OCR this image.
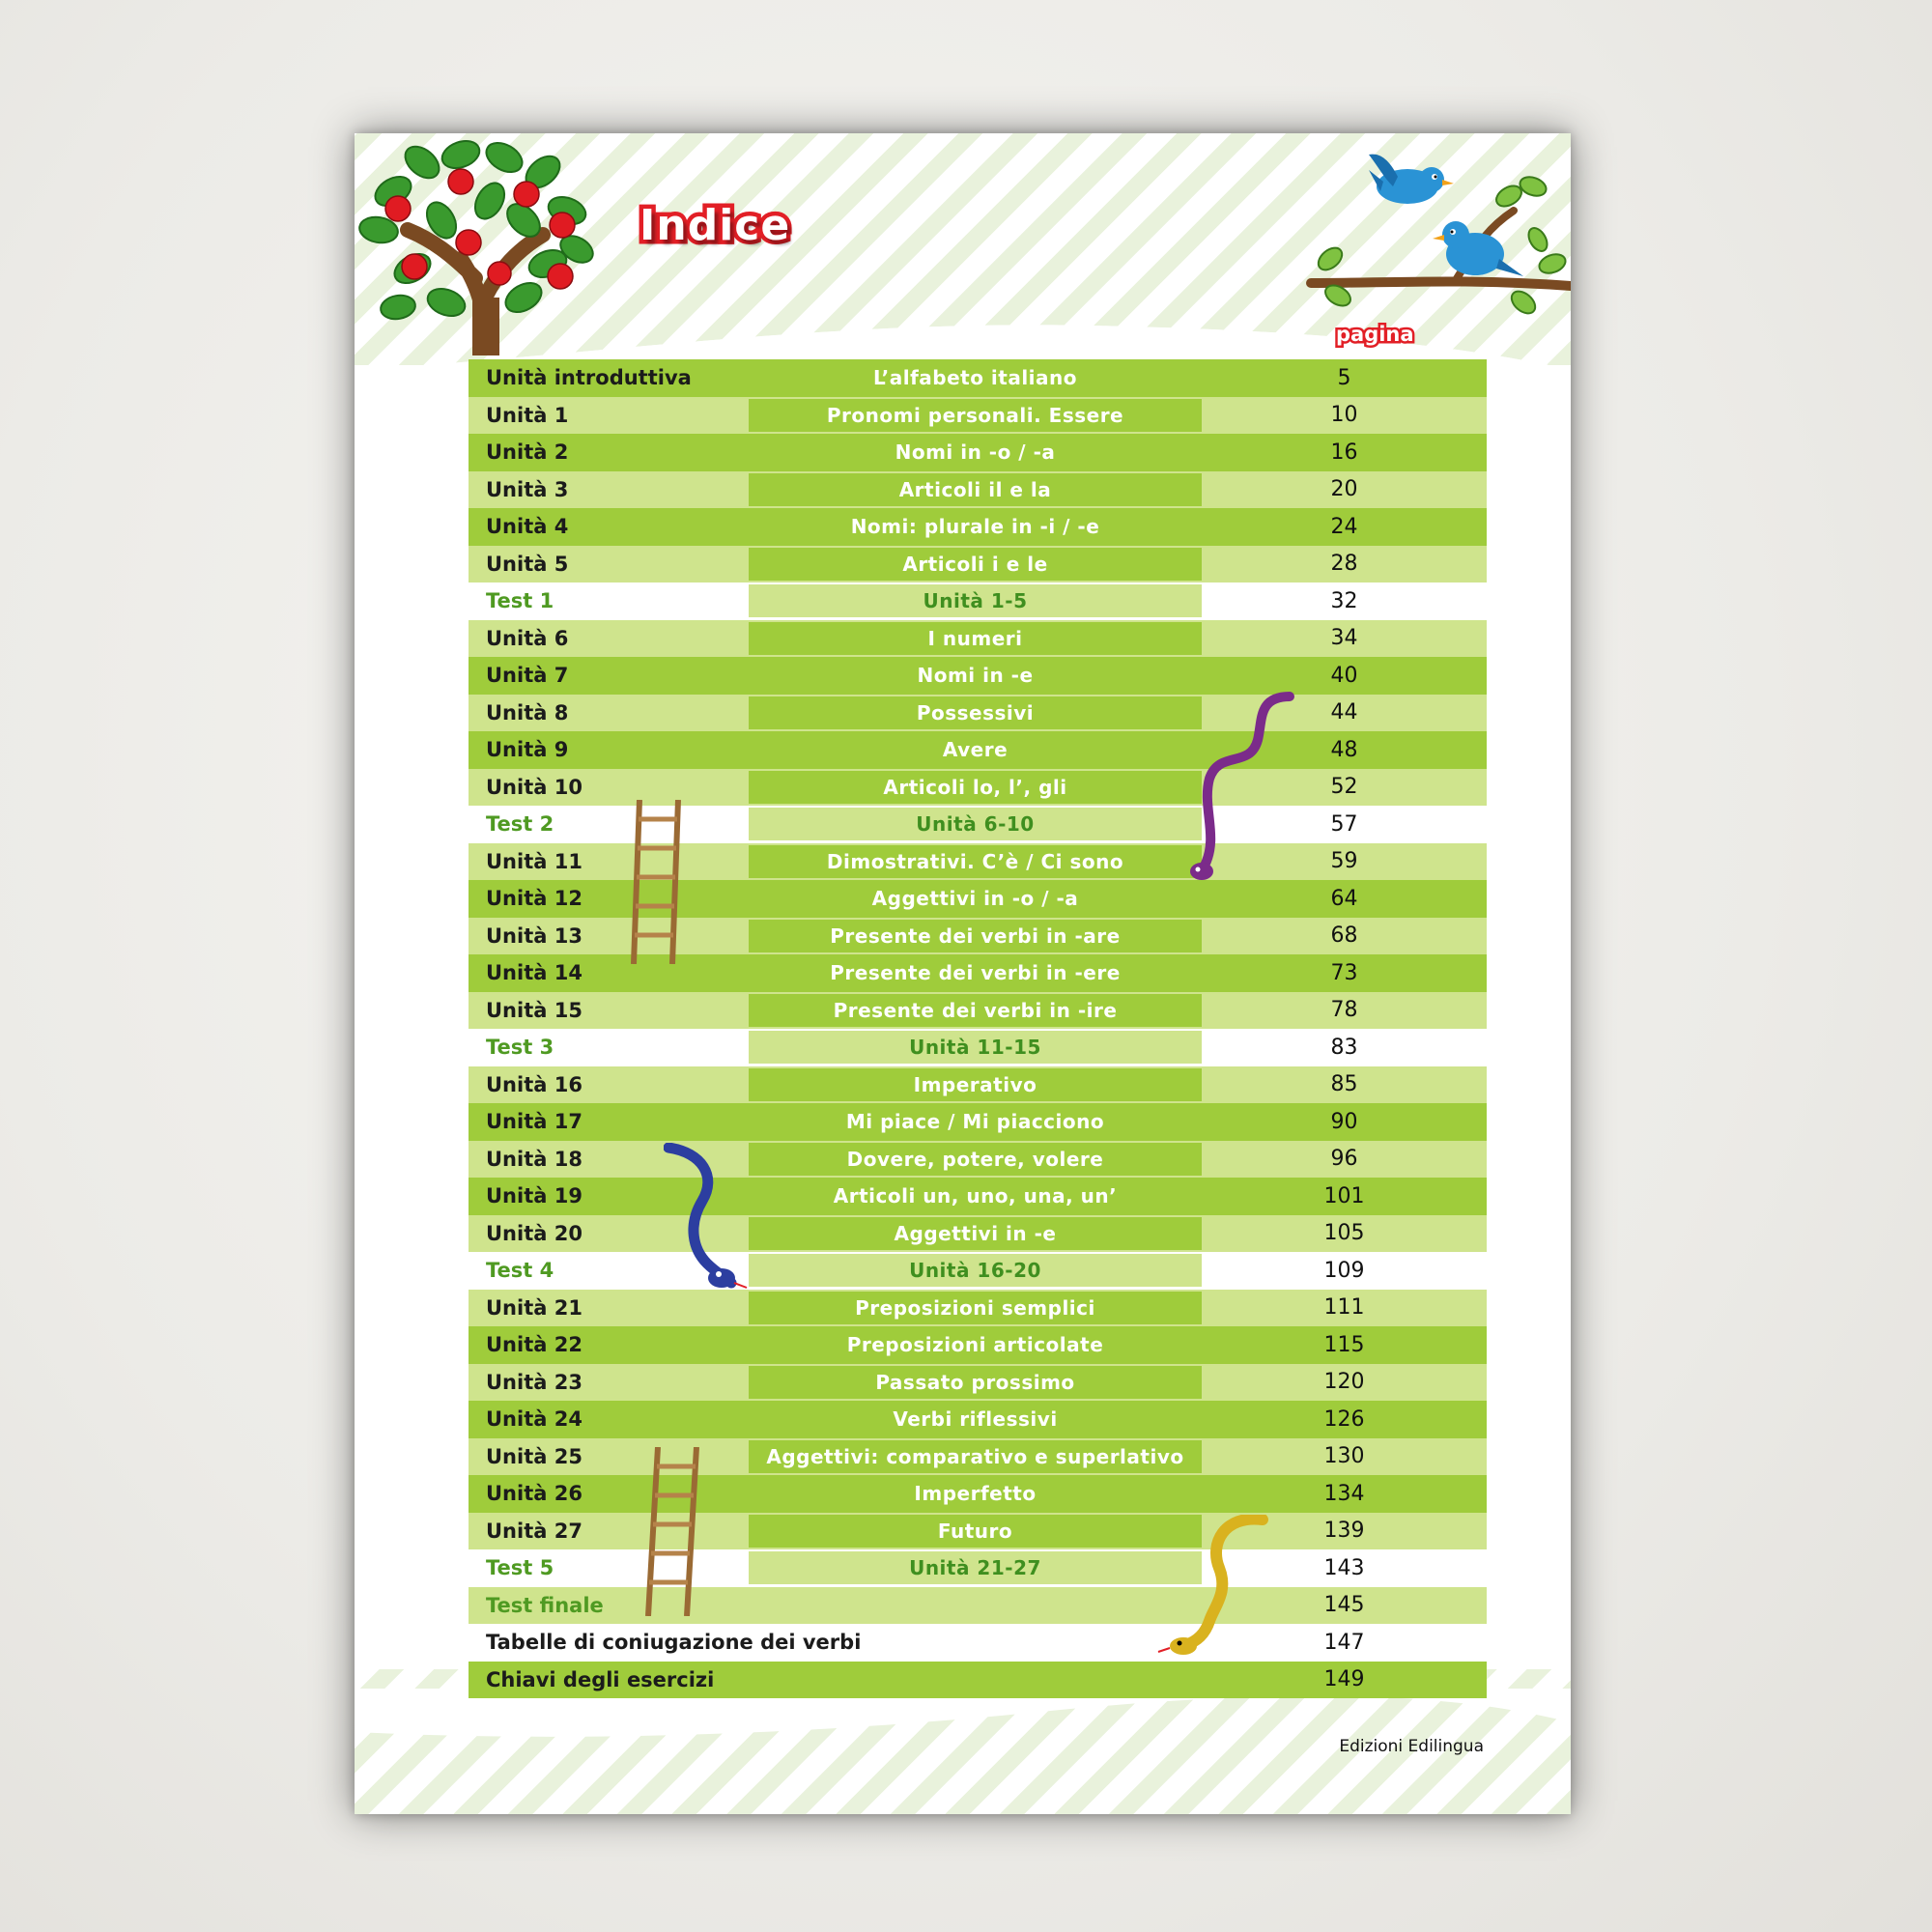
Indice
pagina
Unità introduttiva	L’alfabeto italiano	5
Unità 1	Pronomi personali. Essere	10
Unità 2	Nomi in -o / -a	16
Unità 3	Articoli il e la	20
Unità 4	Nomi: plurale in -i / -e	24
Unità 5	Articoli i e le	28
Test 1	Unità 1-5	32
Unità 6	I numeri	34
Unità 7	Nomi in -e	40
Unità 8	Possessivi	44
Unità 9	Avere	48
Unità 10	Articoli lo, l’, gli	52
Test 2	Unità 6-10	57
Unità 11	Dimostrativi. C’è / Ci sono	59
Unità 12	Aggettivi in -o / -a	64
Unità 13	Presente dei verbi in -are	68
Unità 14	Presente dei verbi in -ere	73
Unità 15	Presente dei verbi in -ire	78
Test 3	Unità 11-15	83
Unità 16	Imperativo	85
Unità 17	Mi piace / Mi piacciono	90
Unità 18	Dovere, potere, volere	96
Unità 19	Articoli un, uno, una, un’	101
Unità 20	Aggettivi in -e	105
Test 4	Unità 16-20	109
Unità 21	Preposizioni semplici	111
Unità 22	Preposizioni articolate	115
Unità 23	Passato prossimo	120
Unità 24	Verbi riflessivi	126
Unità 25	Aggettivi: comparativo e superlativo	130
Unità 26	Imperfetto	134
Unità 27	Futuro	139
Test 5	Unità 21-27	143
Test finale	145
Tabelle di coniugazione dei verbi	147
Chiavi degli esercizi	149
Edizioni Edilingua
